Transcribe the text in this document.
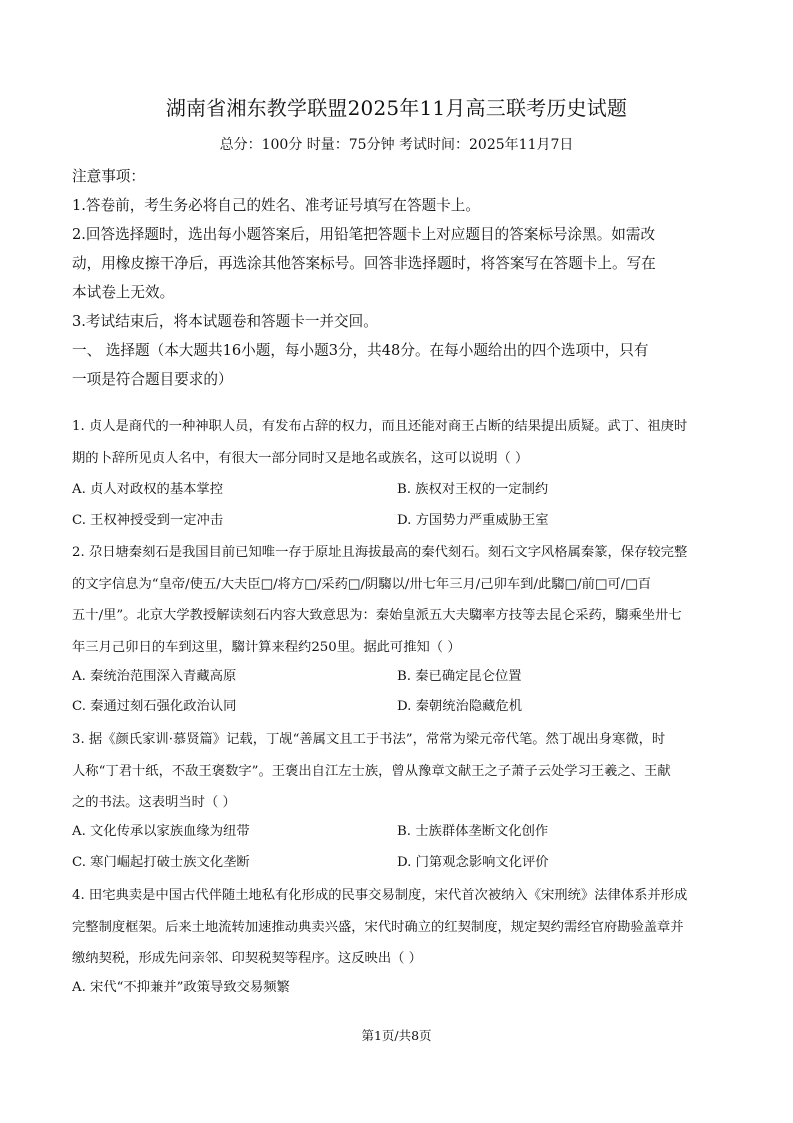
湖南省湘东教学联盟2025年11月高三联考历史试题
总分：100分 时量：75分钟 考试时间：2025年11月7日
注意事项：
1.答卷前，考生务必将自己的姓名、准考证号填写在答题卡上。
2.回答选择题时，选出每小题答案后，用铅笔把答题卡上对应题目的答案标号涂黑。如需改
动，用橡皮擦干净后，再选涂其他答案标号。回答非选择题时，将答案写在答题卡上。写在
本试卷上无效。
3.考试结束后，将本试题卷和答题卡一并交回。
一、 选择题（本大题共16小题，每小题3分，共48分。在每小题给出的四个选项中，只有
一项是符合题目要求的）
1. 贞人是商代的一种神职人员，有发布占辞的权力，而且还能对商王占断的结果提出质疑。武丁、祖庚时
期的卜辞所见贞人名中，有很大一部分同时又是地名或族名，这可以说明（ ）
A. 贞人对政权的基本掌控	B. 族权对王权的一定制约
C. 王权神授受到一定冲击	D. 方国势力严重威胁王室
2. 尕日塘秦刻石是我国目前已知唯一存于原址且海拔最高的秦代刻石。刻石文字风格属秦篆，保存较完整
的文字信息为“皇帝/使五/大夫臣□/将方□/采药□/阴騶以/卅七年三月/己卯车到/此騶□/前□可/□百
五十/里”。北京大学教授解读刻石内容大致意思为：秦始皇派五大夫騶率方技等去昆仑采药，騶乘坐卅七
年三月己卯日的车到这里，騶计算来程约250里。据此可推知（ ）
A. 秦统治范围深入青藏高原	B. 秦已确定昆仑位置
C. 秦通过刻石强化政治认同	D. 秦朝统治隐藏危机
3. 据《颜氏家训·慕贤篇》记载，丁觇“善属文且工于书法”，常常为梁元帝代笔。然丁觇出身寒微，时
人称“丁君十纸，不敌王褒数字”。王褒出自江左士族，曾从豫章文献王之子萧子云处学习王羲之、王献
之的书法。这表明当时（ ）
A. 文化传承以家族血缘为纽带	B. 士族群体垄断文化创作
C. 寒门崛起打破士族文化垄断	D. 门第观念影响文化评价
4. 田宅典卖是中国古代伴随土地私有化形成的民事交易制度，宋代首次被纳入《宋刑统》法律体系并形成
完整制度框架。后来土地流转加速推动典卖兴盛，宋代时确立的红契制度，规定契约需经官府勘验盖章并
缴纳契税，形成先问亲邻、印契税契等程序。这反映出（ ）
A. 宋代“不抑兼并”政策导致交易频繁
第1页/共8页
